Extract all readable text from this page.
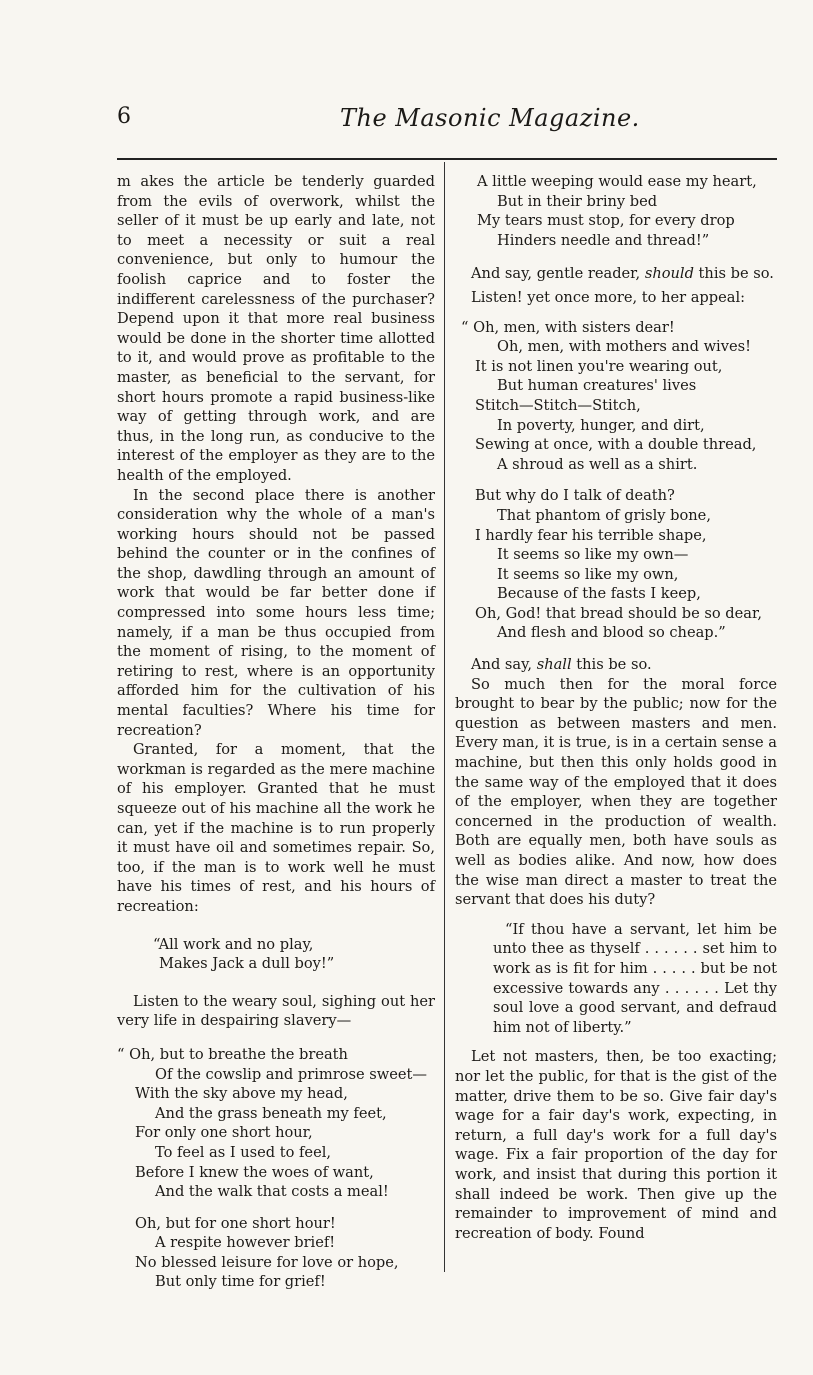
6	The Masonic Magazine.

m akes the article be tenderly guarded from the evils of overwork, whilst the seller of it must be up early and late, not to meet a necessity or suit a real convenience, but only to humour the foolish caprice and to foster the indifferent carelessness of the purchaser? Depend upon it that more real business would be done in the shorter time allotted to it, and would prove as profitable to the master, as beneficial to the servant, for short hours promote a rapid business-like way of getting through work, and are thus, in the long run, as conducive to the interest of the employer as they are to the health of the employed.

In the second place there is another consideration why the whole of a man's working hours should not be passed behind the counter or in the confines of the shop, dawdling through an amount of work that would be far better done if compressed into some hours less time; namely, if a man be thus occupied from the moment of rising, to the moment of retiring to rest, where is an opportunity afforded him for the cultivation of his mental faculties? Where his time for recreation?

Granted, for a moment, that the workman is regarded as the mere machine of his employer. Granted that he must squeeze out of his machine all the work he can, yet if the machine is to run properly it must have oil and sometimes repair. So, too, if the man is to work well he must have his times of rest, and his hours of recreation:

“All work and no play,
Makes Jack a dull boy!”

Listen to the weary soul, sighing out her very life in despairing slavery—

“ Oh, but to breathe the breath
Of the cowslip and primrose sweet—
With the sky above my head,
And the grass beneath my feet,
For only one short hour,
To feel as I used to feel,
Before I knew the woes of want,
And the walk that costs a meal!
Oh, but for one short hour!
A respite however brief!
No blessed leisure for love or hope,
But only time for grief!
A little weeping would ease my heart,
But in their briny bed
My tears must stop, for every drop
Hinders needle and thread!”

And say, gentle reader, should this be so.

Listen! yet once more, to her appeal:

“ Oh, men, with sisters dear!
Oh, men, with mothers and wives!
It is not linen you're wearing out,
But human creatures' lives
Stitch—Stitch—Stitch,
In poverty, hunger, and dirt,
Sewing at once, with a double thread,
A shroud as well as a shirt.
But why do I talk of death?
That phantom of grisly bone,
I hardly fear his terrible shape,
It seems so like my own—
It seems so like my own,
Because of the fasts I keep,
Oh, God! that bread should be so dear,
And flesh and blood so cheap.”

And say, shall this be so.

So much then for the moral force brought to bear by the public; now for the question as between masters and men. Every man, it is true, is in a certain sense a machine, but then this only holds good in the same way of the employed that it does of the employer, when they are together concerned in the production of wealth. Both are equally men, both have souls as well as bodies alike. And now, how does the wise man direct a master to treat the servant that does his duty?

“If thou have a servant, let him be unto thee as thyself . . . . . . set him to work as is fit for him . . . . . but be not excessive towards any . . . . . . Let thy soul love a good servant, and defraud him not of liberty.”

Let not masters, then, be too exacting; nor let the public, for that is the gist of the matter, drive them to be so. Give fair day's wage for a fair day's work, expecting, in return, a full day's work for a full day's wage. Fix a fair proportion of the day for work, and insist that during this portion it shall indeed be work. Then give up the remainder to improvement of mind and recreation of body. Found
